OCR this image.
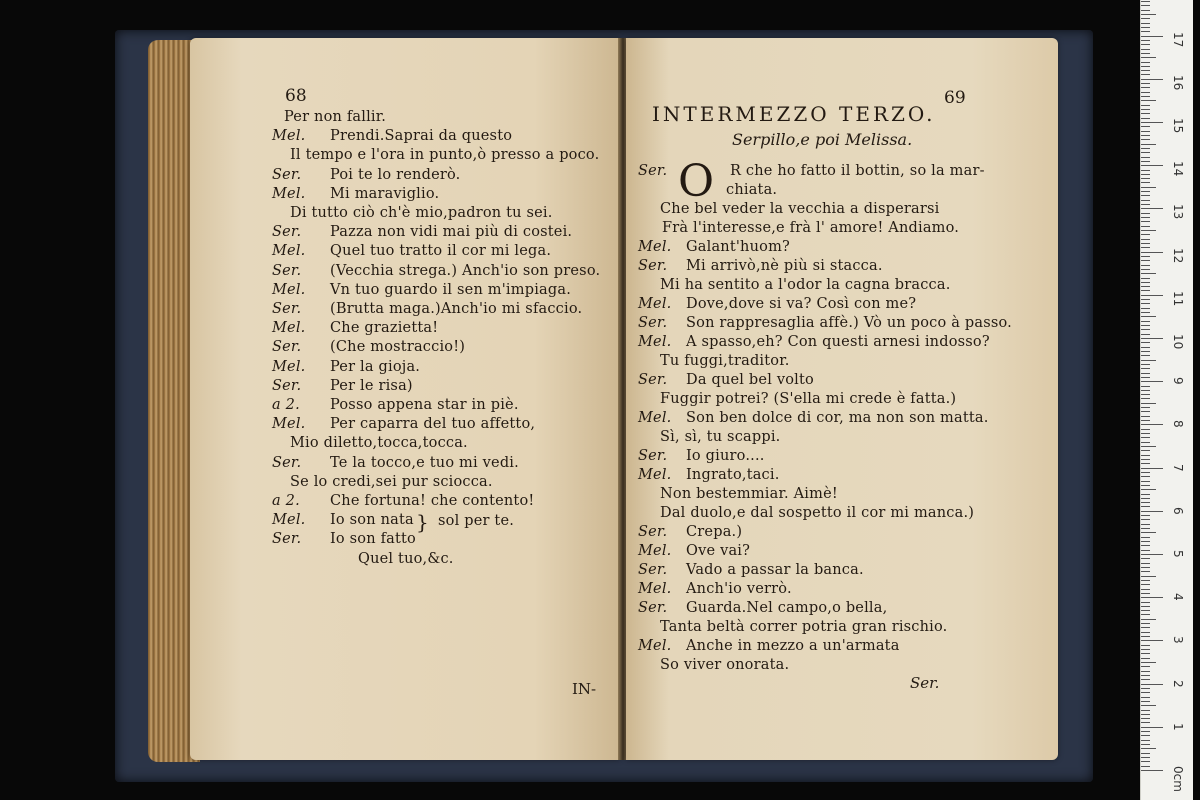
68
} sol per te.
IN-
Per non fallir.
Mel. Prendi.Saprai da questo
Il tempo e l'ora in punto,ò presso a poco.
Ser. Poi te lo renderò.
Mel. Mi maraviglio.
Di tutto ciò ch'è mio,padron tu sei.
Ser. Pazza non vidi mai più di costei.
Mel. Quel tuo tratto il cor mi lega.
Ser. (Vecchia strega.) Anch'io son preso.
Mel. Vn tuo guardo il sen m'impiaga.
Ser. (Brutta maga.)Anch'io mi sfaccio.
Mel. Che grazietta!
Ser. (Che mostraccio!)
Mel. Per la gioja.
Ser. Per le risa)
a 2. Posso appena star in piè.
Mel. Per caparra del tuo affetto,
Mio diletto,tocca,tocca.
Ser. Te la tocco,e tuo mi vedi.
Se lo credi,sei pur sciocca.
a 2. Che fortuna! che contento!
Mel. Io son nata
Ser. Io son fatto
Quel tuo,&c.
69
INTERMEZZO TERZO.
Serpillo,e poi Melissa.
O
Ser.
Ser.	R che ho fatto il bottin, so la mar-
chiata.
Che bel veder la vecchia a disperarsi
Frà l'interesse,e frà l' amore! Andiamo.
Mel. Galant'huom?
Ser. Mi arrivò,nè più si stacca.
Mi ha sentito a l'odor la cagna bracca.
Mel. Dove,dove si va? Così con me?
Ser. Son rappresaglia affè.) Vò un poco à passo.
Mel. A spasso,eh? Con questi arnesi indosso?
Tu fuggi,traditor.
Ser. Da quel bel volto
Fuggir potrei? (S'ella mi crede è fatta.)
Mel. Son ben dolce di cor, ma non son matta.
Sì, sì, tu scappi.
Ser. Io giuro....
Mel. Ingrato,taci.
Non bestemmiar. Aimè!
Dal duolo,e dal sospetto il cor mi manca.)
Ser. Crepa.)
Mel. Ove vai?
Ser. Vado a passar la banca.
Mel. Anch'io verrò.
Ser. Guarda.Nel campo,o bella,
Tanta beltà correr potria gran rischio.
Mel. Anche in mezzo a un'armata
So viver onorata.
0cm
1
2
3
4
5
6
7
8
9
10
11
12
13
14
15
16
17
